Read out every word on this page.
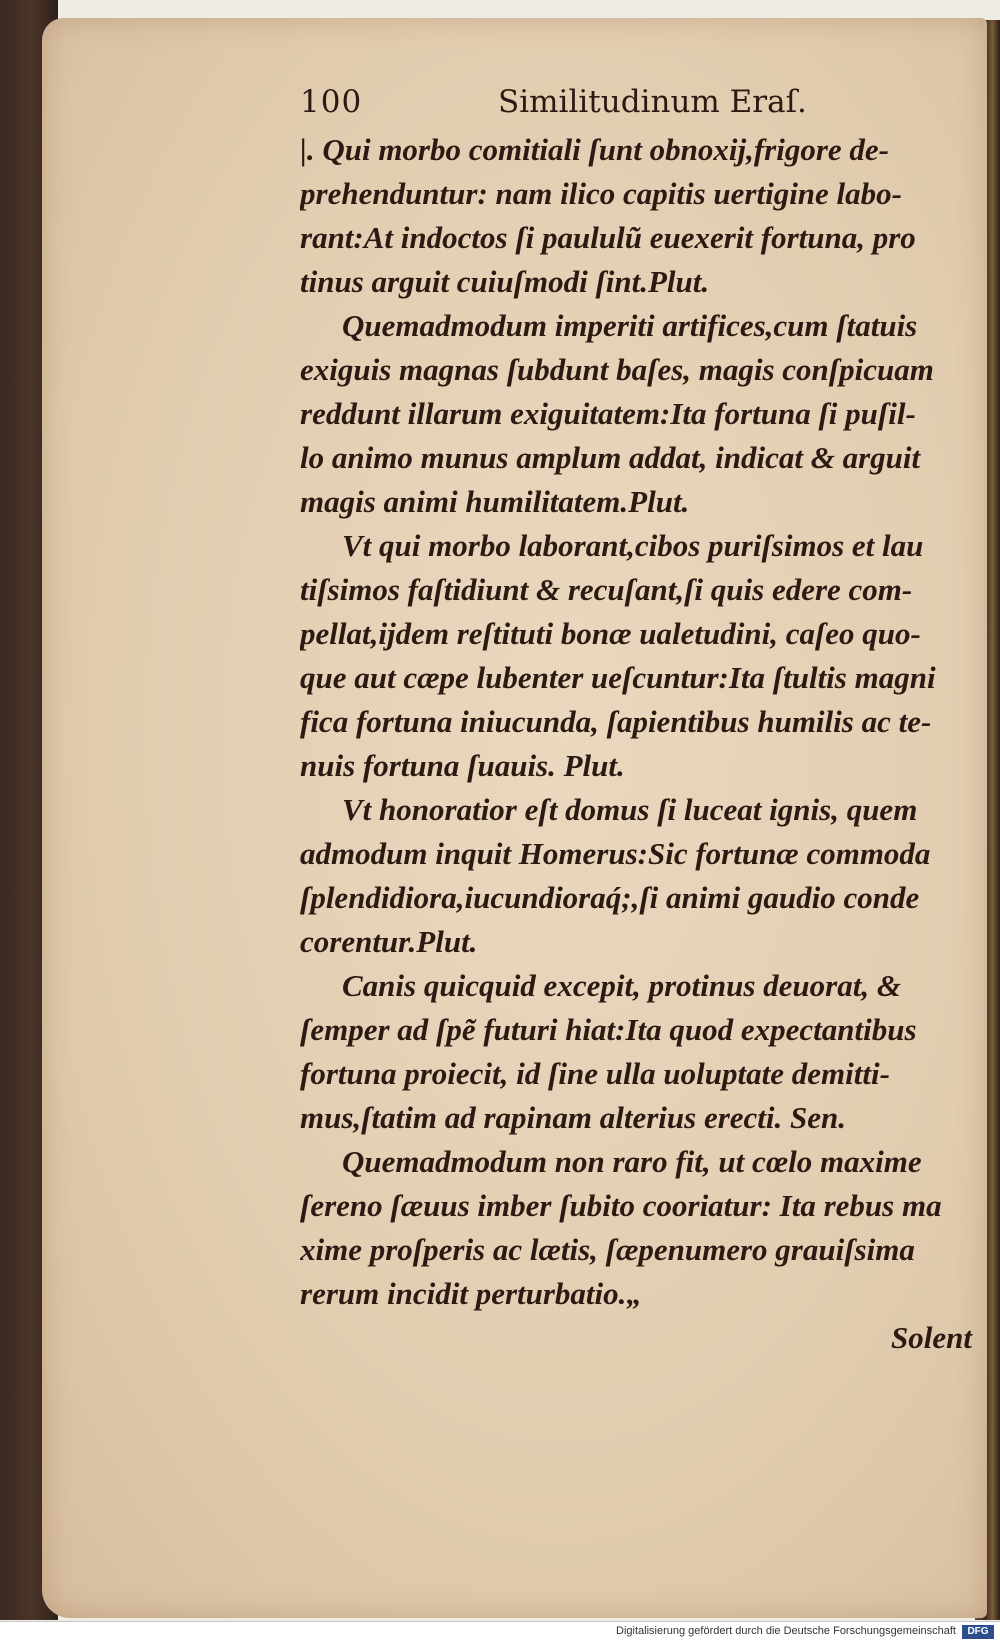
100	Similitudinum Eraſ.
|. Qui morbo comitiali ſunt obnoxij,frigore de-
prehenduntur: nam ilico capitis uertigine labo-
rant:At indoctos ſi paululũ euexerit fortuna, pro
tinus arguit cuiuſmodi ſint.Plut.
Quemadmodum imperiti artifices,cum ſtatuis
exiguis magnas ſubdunt baſes, magis conſpicuam
reddunt illarum exiguitatem:Ita fortuna ſi puſil-
lo animo munus amplum addat, indicat & arguit
magis animi humilitatem.Plut.
Vt qui morbo laborant,cibos puriſsimos et lau
tiſsimos faſtidiunt & recuſant,ſi quis edere com-
pellat,ijdem reſtituti bonæ ualetudini, caſeo quo-
que aut cæpe lubenter ueſcuntur:Ita ſtultis magni
fica fortuna iniucunda, ſapientibus humilis ac te-
nuis fortuna ſuauis. Plut.
Vt honoratior eſt domus ſi luceat ignis, quem
admodum inquit Homerus:Sic fortunæ commoda
ſplendidiora,iucundioraq́;,ſi animi gaudio conde
corentur.Plut.
Canis quicquid excepit, protinus deuorat, &
ſemper ad ſpẽ futuri hiat:Ita quod expectantibus
fortuna proiecit, id ſine ulla uoluptate demitti-
mus,ſtatim ad rapinam alterius erecti. Sen.
Quemadmodum non raro fit, ut cœlo maxime
ſereno ſæuus imber ſubito cooriatur: Ita rebus ma
xime proſperis ac lætis, ſæpenumero grauiſsima
rerum incidit perturbatio.„
Solent
Digitalisierung gefördert durch die Deutsche Forschungsgemeinschaft	DFG
